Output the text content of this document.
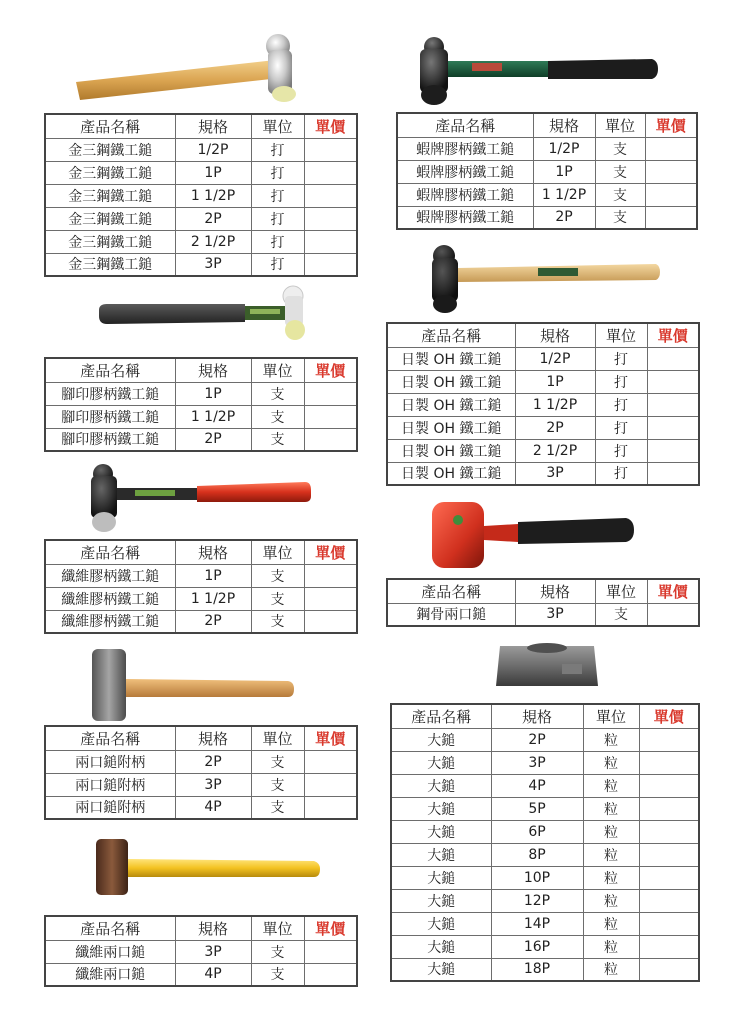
產品名稱	規格	單位	單價
金三鋼鐵工鎚	1/2P	打	
金三鋼鐵工鎚	1P	打	
金三鋼鐵工鎚	1 1/2P	打	
金三鋼鐵工鎚	2P	打	
金三鋼鐵工鎚	2 1/2P	打	
金三鋼鐵工鎚	3P	打	
產品名稱	規格	單位	單價
腳印膠柄鐵工鎚	1P	支	
腳印膠柄鐵工鎚	1 1/2P	支	
腳印膠柄鐵工鎚	2P	支	
產品名稱	規格	單位	單價
纖維膠柄鐵工鎚	1P	支	
纖維膠柄鐵工鎚	1 1/2P	支	
纖維膠柄鐵工鎚	2P	支	
產品名稱	規格	單位	單價
兩口鎚附柄	2P	支	
兩口鎚附柄	3P	支	
兩口鎚附柄	4P	支	
產品名稱	規格	單位	單價
纖維兩口鎚	3P	支	
纖維兩口鎚	4P	支	
產品名稱	規格	單位	單價
蝦牌膠柄鐵工鎚	1/2P	支	
蝦牌膠柄鐵工鎚	1P	支	
蝦牌膠柄鐵工鎚	1 1/2P	支	
蝦牌膠柄鐵工鎚	2P	支	
產品名稱	規格	單位	單價
日製 OH 鐵工鎚	1/2P	打	
日製 OH 鐵工鎚	1P	打	
日製 OH 鐵工鎚	1 1/2P	打	
日製 OH 鐵工鎚	2P	打	
日製 OH 鐵工鎚	2 1/2P	打	
日製 OH 鐵工鎚	3P	打	
產品名稱	規格	單位	單價
鋼骨兩口鎚	3P	支	
產品名稱	規格	單位	單價
大鎚	2P	粒	
大鎚	3P	粒	
大鎚	4P	粒	
大鎚	5P	粒	
大鎚	6P	粒	
大鎚	8P	粒	
大鎚	10P	粒	
大鎚	12P	粒	
大鎚	14P	粒	
大鎚	16P	粒	
大鎚	18P	粒	
